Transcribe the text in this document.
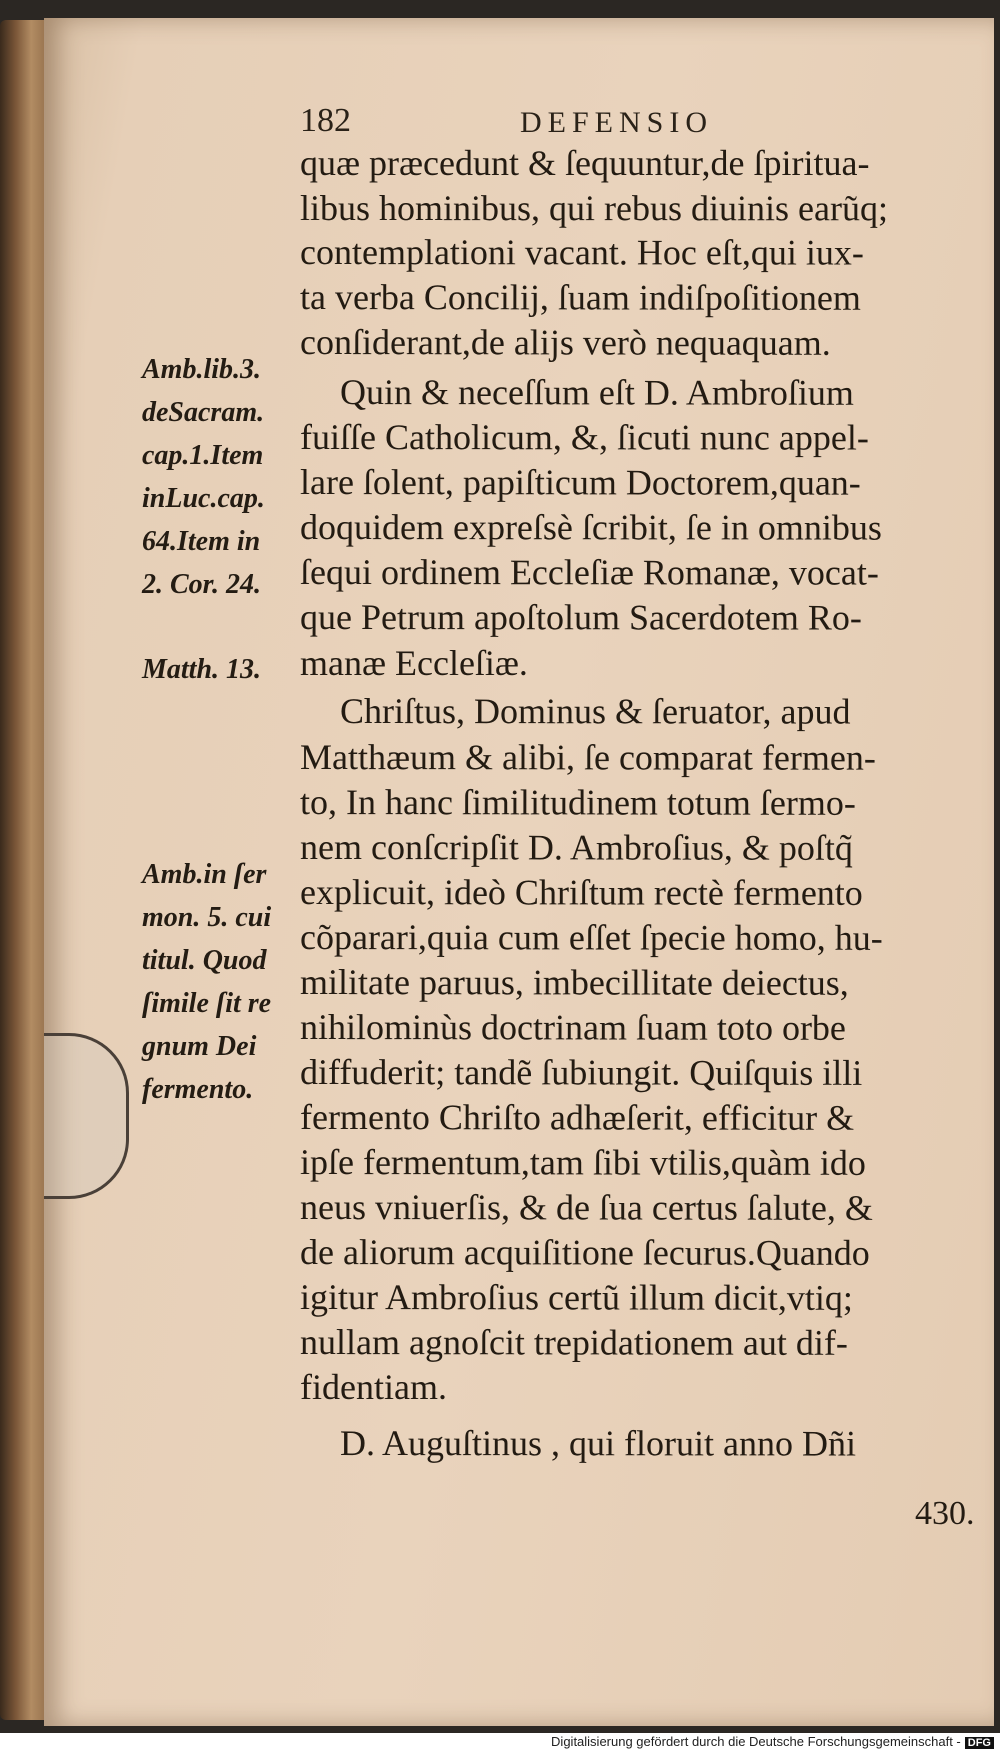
182	DEFENSIO
quæ præcedunt & ſequuntur,de ſpiritua-
libus hominibus, qui rebus diuinis earũq;
contemplationi vacant. Hoc eſt,qui iux-
ta verba Concilij, ſuam indiſpoſitionem
conſiderant,de alijs verò nequaquam.
Quin & neceſſum eſt D. Ambroſium
fuiſſe Catholicum, &, ſicuti nunc appel-
lare ſolent, papiſticum Doctorem,quan-
doquidem expreſsè ſcribit, ſe in omnibus
ſequi ordinem Eccleſiæ Romanæ, vocat-
que Petrum apoſtolum Sacerdotem Ro-
manæ Eccleſiæ.
Chriſtus, Dominus & ſeruator, apud
Matthæum & alibi, ſe comparat fermen-
to, In hanc ſimilitudinem totum ſermo-
nem conſcripſit D. Ambroſius, & poſtq̃
explicuit, ideò Chriſtum rectè fermento
cõparari,quia cum eſſet ſpecie homo, hu-
militate paruus, imbecillitate deiectus,
nihilominùs doctrinam ſuam toto orbe
diffuderit; tandẽ ſubiungit. Quiſquis illi
fermento Chriſto adhæſerit, efficitur &
ipſe fermentum,tam ſibi vtilis,quàm ido
neus vniuerſis, & de ſua certus ſalute, &
de aliorum acquiſitione ſecurus.Quando
igitur Ambroſius certũ illum dicit,vtiq;
nullam agnoſcit trepidationem aut dif-
fidentiam.
D. Auguſtinus , qui floruit anno Dñi
Amb.lib.3.
deSacram.
cap.1.Item
inLuc.cap.
64.Item in
2. Cor. 24.
Matth. 13.
Amb.in ſer
mon. 5. cui
titul. Quod
ſimile ſit re
gnum Dei
fermento.
430.
Digitalisierung gefördert durch die Deutsche Forschungsgemeinschaft - DFG
